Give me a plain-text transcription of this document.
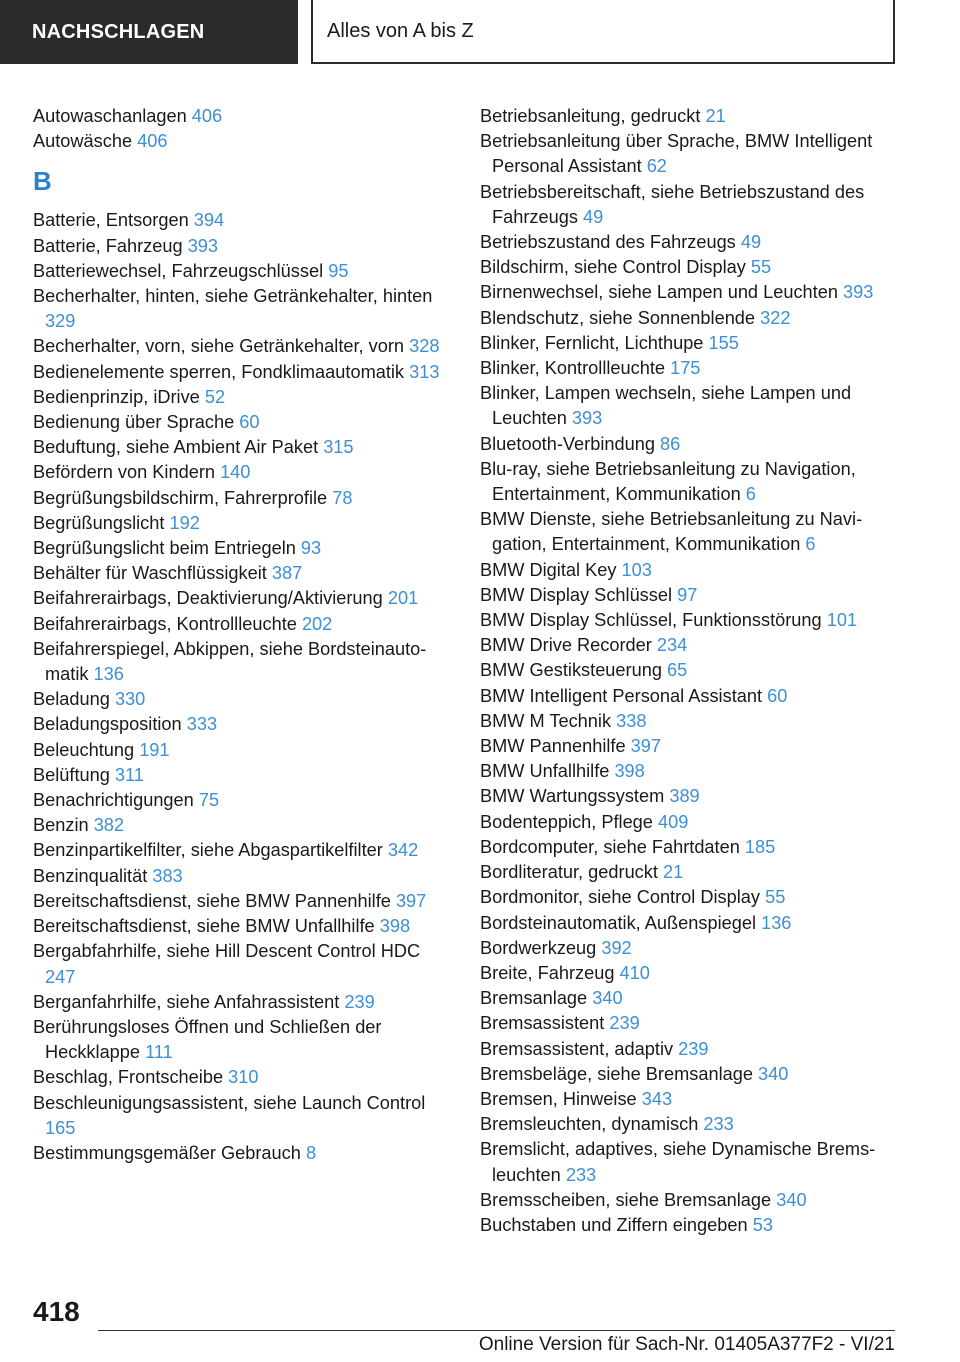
NACHSCHLAGEN	Alles von A bis Z
Autowaschanlagen 406
Autowäsche 406
B
Batterie, Entsorgen 394
Batterie, Fahrzeug 393
Batteriewechsel, Fahrzeugschlüssel 95
Becherhalter, hinten, siehe Getränkehalter, hinten 329
Becherhalter, vorn, siehe Getränkehalter, vorn 328
Bedienelemente sperren, Fondklimaautomatik 313
Bedienprinzip, iDrive 52
Bedienung über Sprache 60
Beduftung, siehe Ambient Air Paket 315
Befördern von Kindern 140
Begrüßungsbildschirm, Fahrerprofile 78
Begrüßungslicht 192
Begrüßungslicht beim Entriegeln 93
Behälter für Waschflüssigkeit 387
Beifahrerairbags, Deaktivierung/Aktivierung 201
Beifahrerairbags, Kontrollleuchte 202
Beifahrerspiegel, Abkippen, siehe Bordsteinautomatik 136
Beladung 330
Beladungsposition 333
Beleuchtung 191
Belüftung 311
Benachrichtigungen 75
Benzin 382
Benzinpartikelfilter, siehe Abgaspartikelfilter 342
Benzinqualität 383
Bereitschaftsdienst, siehe BMW Pannenhilfe 397
Bereitschaftsdienst, siehe BMW Unfallhilfe 398
Bergabfahrhilfe, siehe Hill Descent Control HDC 247
Berganfahrhilfe, siehe Anfahrassistent 239
Berührungsloses Öffnen und Schließen der Heckklappe 111
Beschlag, Frontscheibe 310
Beschleunigungsassistent, siehe Launch Control 165
Bestimmungsgemäßer Gebrauch 8
Betriebsanleitung, gedruckt 21
Betriebsanleitung über Sprache, BMW Intelligent Personal Assistant 62
Betriebsbereitschaft, siehe Betriebszustand des Fahrzeugs 49
Betriebszustand des Fahrzeugs 49
Bildschirm, siehe Control Display 55
Birnenwechsel, siehe Lampen und Leuchten 393
Blendschutz, siehe Sonnenblende 322
Blinker, Fernlicht, Lichthupe 155
Blinker, Kontrollleuchte 175
Blinker, Lampen wechseln, siehe Lampen und Leuchten 393
Bluetooth-Verbindung 86
Blu-ray, siehe Betriebsanleitung zu Navigation, Entertainment, Kommunikation 6
BMW Dienste, siehe Betriebsanleitung zu Navigation, Entertainment, Kommunikation 6
BMW Digital Key 103
BMW Display Schlüssel 97
BMW Display Schlüssel, Funktionsstörung 101
BMW Drive Recorder 234
BMW Gestiksteuerung 65
BMW Intelligent Personal Assistant 60
BMW M Technik 338
BMW Pannenhilfe 397
BMW Unfallhilfe 398
BMW Wartungssystem 389
Bodenteppich, Pflege 409
Bordcomputer, siehe Fahrtdaten 185
Bordliteratur, gedruckt 21
Bordmonitor, siehe Control Display 55
Bordsteinautomatik, Außenspiegel 136
Bordwerkzeug 392
Breite, Fahrzeug 410
Bremsanlage 340
Bremsassistent 239
Bremsassistent, adaptiv 239
Bremsbeläge, siehe Bremsanlage 340
Bremsen, Hinweise 343
Bremsleuchten, dynamisch 233
Bremslicht, adaptives, siehe Dynamische Bremsleuchten 233
Bremsscheiben, siehe Bremsanlage 340
Buchstaben und Ziffern eingeben 53
418
Online Version für Sach-Nr. 01405A377F2 - VI/21
